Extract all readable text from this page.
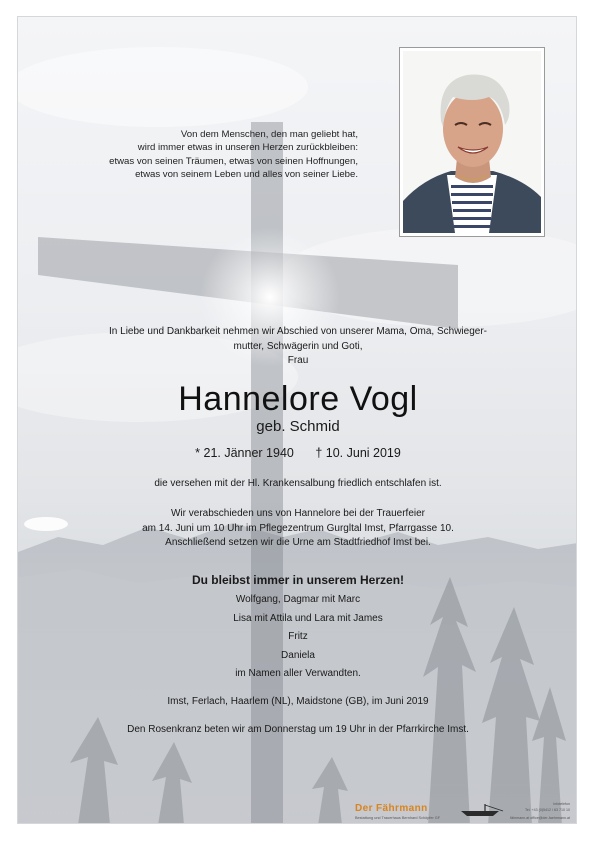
Von dem Menschen, den man geliebt hat,

wird immer etwas in unseren Herzen zurückbleiben:

etwas von seinen Träumen, etwas von seinen Hoffnungen,

etwas von seinem Leben und alles von seiner Liebe.

In Liebe und Dankbarkeit nehmen wir Abschied von unserer Mama, Oma, Schwieger-

mutter, Schwägerin und Goti,

Frau

Hannelore Vogl
geb. Schmid
* 21. Jänner 1940 † 10. Juni 2019

die versehen mit der Hl. Krankensalbung friedlich entschlafen ist.

Wir verabschieden uns von Hannelore bei der Trauerfeier

am 14. Juni um 10 Uhr im Pflegezentrum Gurgltal Imst, Pfarrgasse 10.

Anschließend setzen wir die Urne am Stadtfriedhof Imst bei.

Du bleibst immer in unserem Herzen!
Wolfgang, Dagmar mit Marc
Lisa mit Attila und Lara mit James
Fritz
Daniela
im Namen aller Verwandten.
Imst, Ferlach, Haarlem (NL), Maidstone (GB), im Juni 2019
Den Rosenkranz beten wir am Donnerstag um 19 Uhr in der Pfarrkirche Imst.
Der Fährmann
Bestattung und Trauerhaus Bernhard Schöpfer GF
Infotelefon
Tel. +43 (0)5412 / 63 710 10
fährmann.at office@der-faehrmann.at
